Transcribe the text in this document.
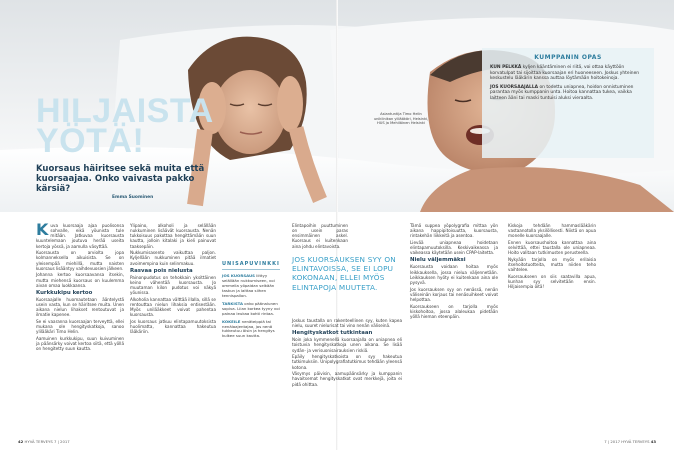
Asiantuntija Timo Helin uniklinikan ylilääkäri, Helsinki, HUS ja Mehiläinen Helsinki
HILJAISTA
YÖTÄ!
Kuorsaus häiritsee sekä muita että kuorsaajaa. Onko vaivasta pakko kärsiä?
Emma Suominen
KUMPPANIN OPAS

KUN PELKKÄ kyljen kääntäminen ei riitä, voi ottaa käyttöön korvatulpat tai sijoittaa kuorsaajan eri huoneeseen. Joskus yhteinen keskustelu lääkärin kanssa auttaa löytämään hoitokeinoja.

JOS KUORSAAJALLA on todettu uniapnea, hoidon onnistuminen parantaa myös kumppanin unta. Hoitoa kannattaa tukea, vaikka laitteen ääni tai maski tuntuisi aluksi vieraalta.

Kuva kuorsaaja ajaa puolisonsa sohvalle, eikä yöunista tule mitään. Jatkuvaa kuorsausta kuuntelemaan joutuva herää useita kertoja yössä, ja aamulla väsyttää.

Kuorsausta on arviolta jopa kolmanneksella aikuisista. Se on yleisempää miehillä, mutta naisten kuorsaus lisääntyy vaihdevuosien jälkeen.

Johanna kertoo kuorsaavansa itsekin, mutta miehensä kuorsaus on kuulemma aivan omaa luokkaansa.

Kurkkukipu kertoo

Kuorsaajalle huomautetaan ääntelystä usein vasta, kun se häiritsee muita. Unen aikana nielun lihakset rentoutuvat ja ilmatie kapenee.

Se ei vaaranna kuorsaajan terveyttä, ellei mukana ole hengityskatkoja, sanoo ylilääkäri Timo Helin.

Aamuinen kurkkukipu, suun kuivuminen ja päänsärky voivat kertoa siitä, että yöllä on hengitetty suun kautta.

Ylipaino, alkoholi ja selällään nukkuminen lisäävät kuorsausta. Nenän tukkoisuus pakottaa hengittämään suun kautta, jolloin kitalaki ja kieli painuvat taaksepäin.

Nukkumisasento vaikuttaa paljon. Kyljellään nukkuminen pitää ilmatiet avoimempina kuin selinmakuu.

Rasvaa pois nielusta

Painonpudotus on tehokkain yksittäinen keino vähentää kuorsausta. Jo muutaman kilon pudotus voi näkyä yöunissa.

Alkoholia kannattaa välttää illalla, sillä se rentouttaa nielun lihaksia entisestään. Myös unilääkkeet voivat pahentaa kuorsausta.

Jos kuorsaus jatkuu elintapamuutoksista huolimatta, kannattaa hakeutua lääkäriin.

UNISAPUVINKKI

JOS KUORSAUS liittyy selällään nukkumiseen, voi ommella yöpaidan selkään taskun ja laittaa siihen tennispallon.

TARKISTA onko päänalunen sopiva. Liian korkea tyyny voi painaa leukaa kohti rintaa.

KOKEILE nenäteippiä tai nenälaajentajaa, jos nenä tukkeutuu öisin ja hengitys kulkee suun kautta.

Elintapoihin puuttuminen on usein paras ensimmäinen askel. Kuorsaus ei kuitenkaan aina johdu elintavoista.

JOS KUORSAUKSEN SYY ON ELINTAVOISSA, SE EI LOPU KOKONAAN, ELLEI MYÖS ELINTAPOJA MUUTETA.

Joskus taustalla on rakenteellinen syy, kuten kapea nielu, suuret nielurisat tai vino nenän väliseinä.

Hengityskatkot tutkintaan

Noin joka kymmenellä kuorsaajalla on uniapnea eli toistuvia hengityskatkoja unen aikana. Se lisää sydän- ja verisuonisairauksien riskiä.

Epäily hengityskatkoista on syy hakeutua tutkimuksiin. Unipolygrafiatutkimus tehdään yleensä kotona.

Väsymys päivisin, aamupäänsärky ja kumppanin havaitsemat hengityskatkot ovat merkkejä, joita ei pidä ohittaa.

Tämä suppea yöpolygrafia mittaa yön aikana happipitoisuutta, kuorsausta, rintakehän liikkeitä ja asentoa.

Lievää uniapneaa hoidetaan elintapamuutoksilla. Keskivaikeassa ja vaikeassa käytetään usein CPAP-laitetta.

Nielu väljemmäksi

Kuorsausta voidaan hoitaa myös leikkauksella, jossa nielua väljennetään. Leikkauksen hyöty ei kuitenkaan aina ole pysyvä.

Jos kuorsauksen syy on nenässä, nenän väliseinän korjaus tai nenäsuihkeet voivat helpottaa.

Kuorsaukseen on tarjolla myös kiskohoitoa, jossa alaleukaa pidetään yöllä hieman eteenpäin.

Kiskoja tehdään hammaslääkärin vastaanotolla yksilöllisesti. Niistä on apua monelle kuorsaajalle.

Ennen kuorsaushoitoa kannattaa aina selvittää, ettei taustalla ole uniapneaa. Hoito valitaan tutkimusten perusteella.

Nykyään tarjolla on myös erilaisia itsehoitotuotteita, mutta niiden teho vaihtelee.

Kuorsaukseen on siis saatavilla apua, kunhan syy selvitetään ensin. Hiljaisempia öitä!

42 HYVÄ TERVEYS 7 | 2017	7 | 2017 HYVÄ TERVEYS 43
